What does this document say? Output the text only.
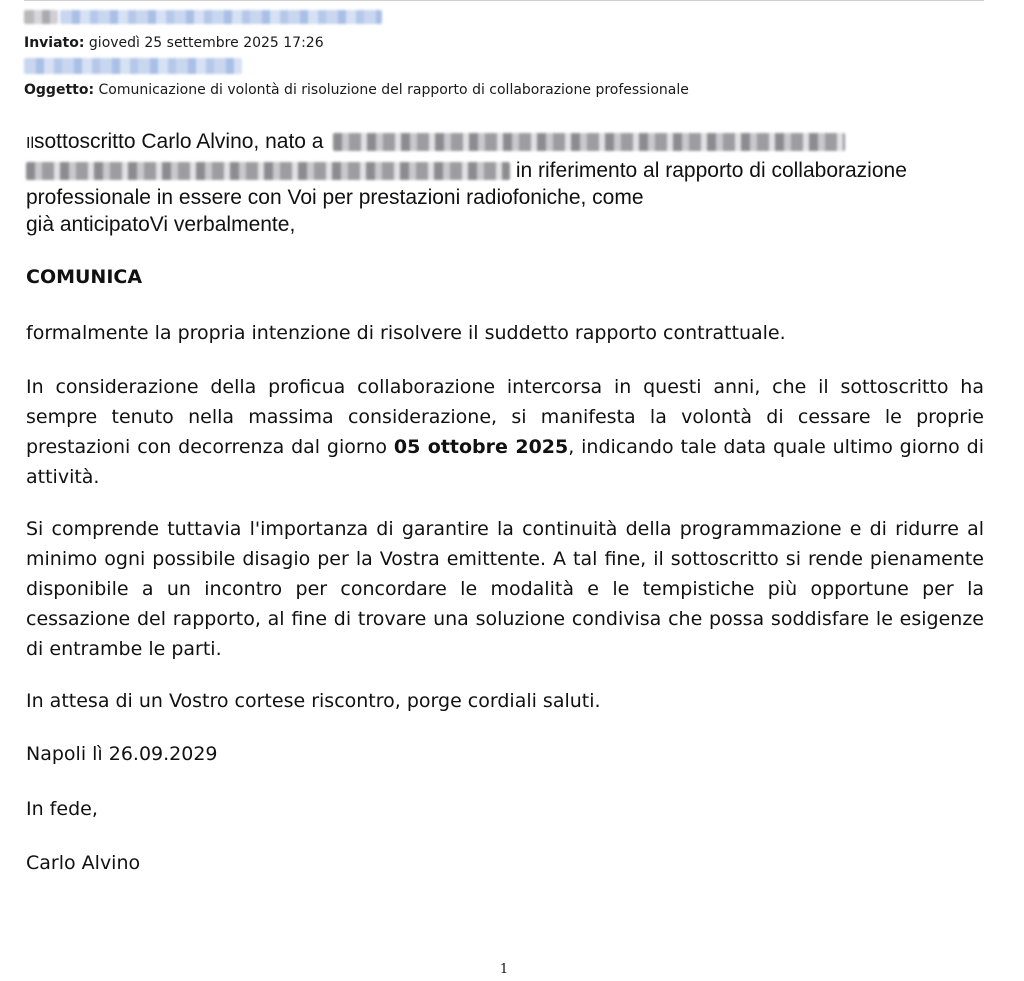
Inviato: giovedì 25 settembre 2025 17:26
Oggetto: Comunicazione di volontà di risoluzione del rapporto di collaborazione professionale
Ilsottoscritto Carlo Alvino, nato a
in riferimento al rapporto di collaborazione
professionale in essere con Voi per prestazioni radiofoniche, come
già anticipatoVi verbalmente,
COMUNICA
formalmente la propria intenzione di risolvere il suddetto rapporto contrattuale.
In considerazione della proficua collaborazione intercorsa in questi anni, che il sottoscritto ha sempre tenuto nella massima considerazione, si manifesta la volontà di cessare le proprie prestazioni con decorrenza dal giorno 05 ottobre 2025, indicando tale data quale ultimo giorno di attività.
Si comprende tuttavia l'importanza di garantire la continuità della programmazione e di ridurre al minimo ogni possibile disagio per la Vostra emittente. A tal fine, il sottoscritto si rende pienamente disponibile a un incontro per concordare le modalità e le tempistiche più opportune per la cessazione del rapporto, al fine di trovare una soluzione condivisa che possa soddisfare le esigenze di entrambe le parti.
In attesa di un Vostro cortese riscontro, porge cordiali saluti.
Napoli lì 26.09.2029
In fede,
Carlo Alvino
1
